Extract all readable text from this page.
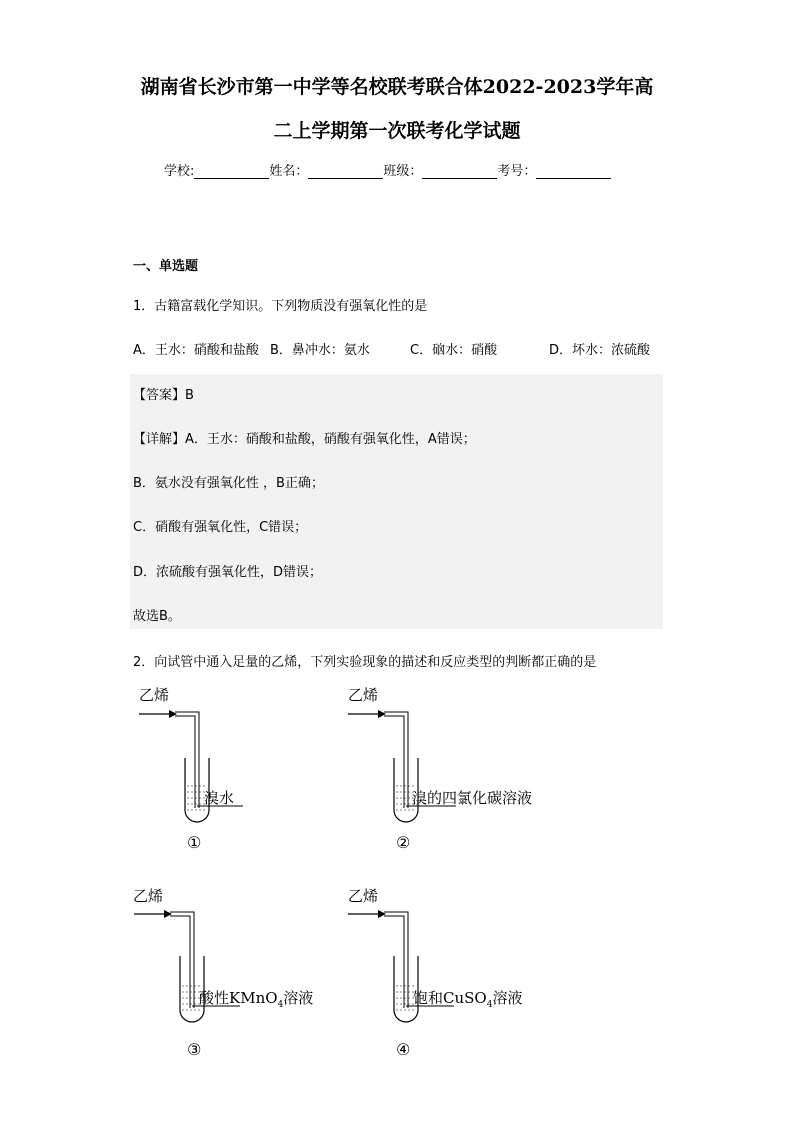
湖南省长沙市第一中学等名校联考联合体2022-2023学年高
二上学期第一次联考化学试题
学校:	姓名：	班级：	考号：
一、单选题
1．古籍富载化学知识。下列物质没有强氧化性的是
A．王水：硝酸和盐酸 B．鼻冲水：氨水	C．硇水：硝酸	D．坏水：浓硫酸
【答案】B
【详解】A．王水：硝酸和盐酸，硝酸有强氧化性，A错误；
B．氨水没有强氧化性 ，B正确；
C．硝酸有强氧化性，C错误；
D．浓硫酸有强氧化性，D错误；
故选B。
2．向试管中通入足量的乙烯，下列实验现象的描述和反应类型的判断都正确的是
乙烯
溴水
①
乙烯
溴的四氯化碳溶液
②
乙烯
酸性KMnO$_4$溶液
③
乙烯
饱和CuSO$_4$溶液
④
